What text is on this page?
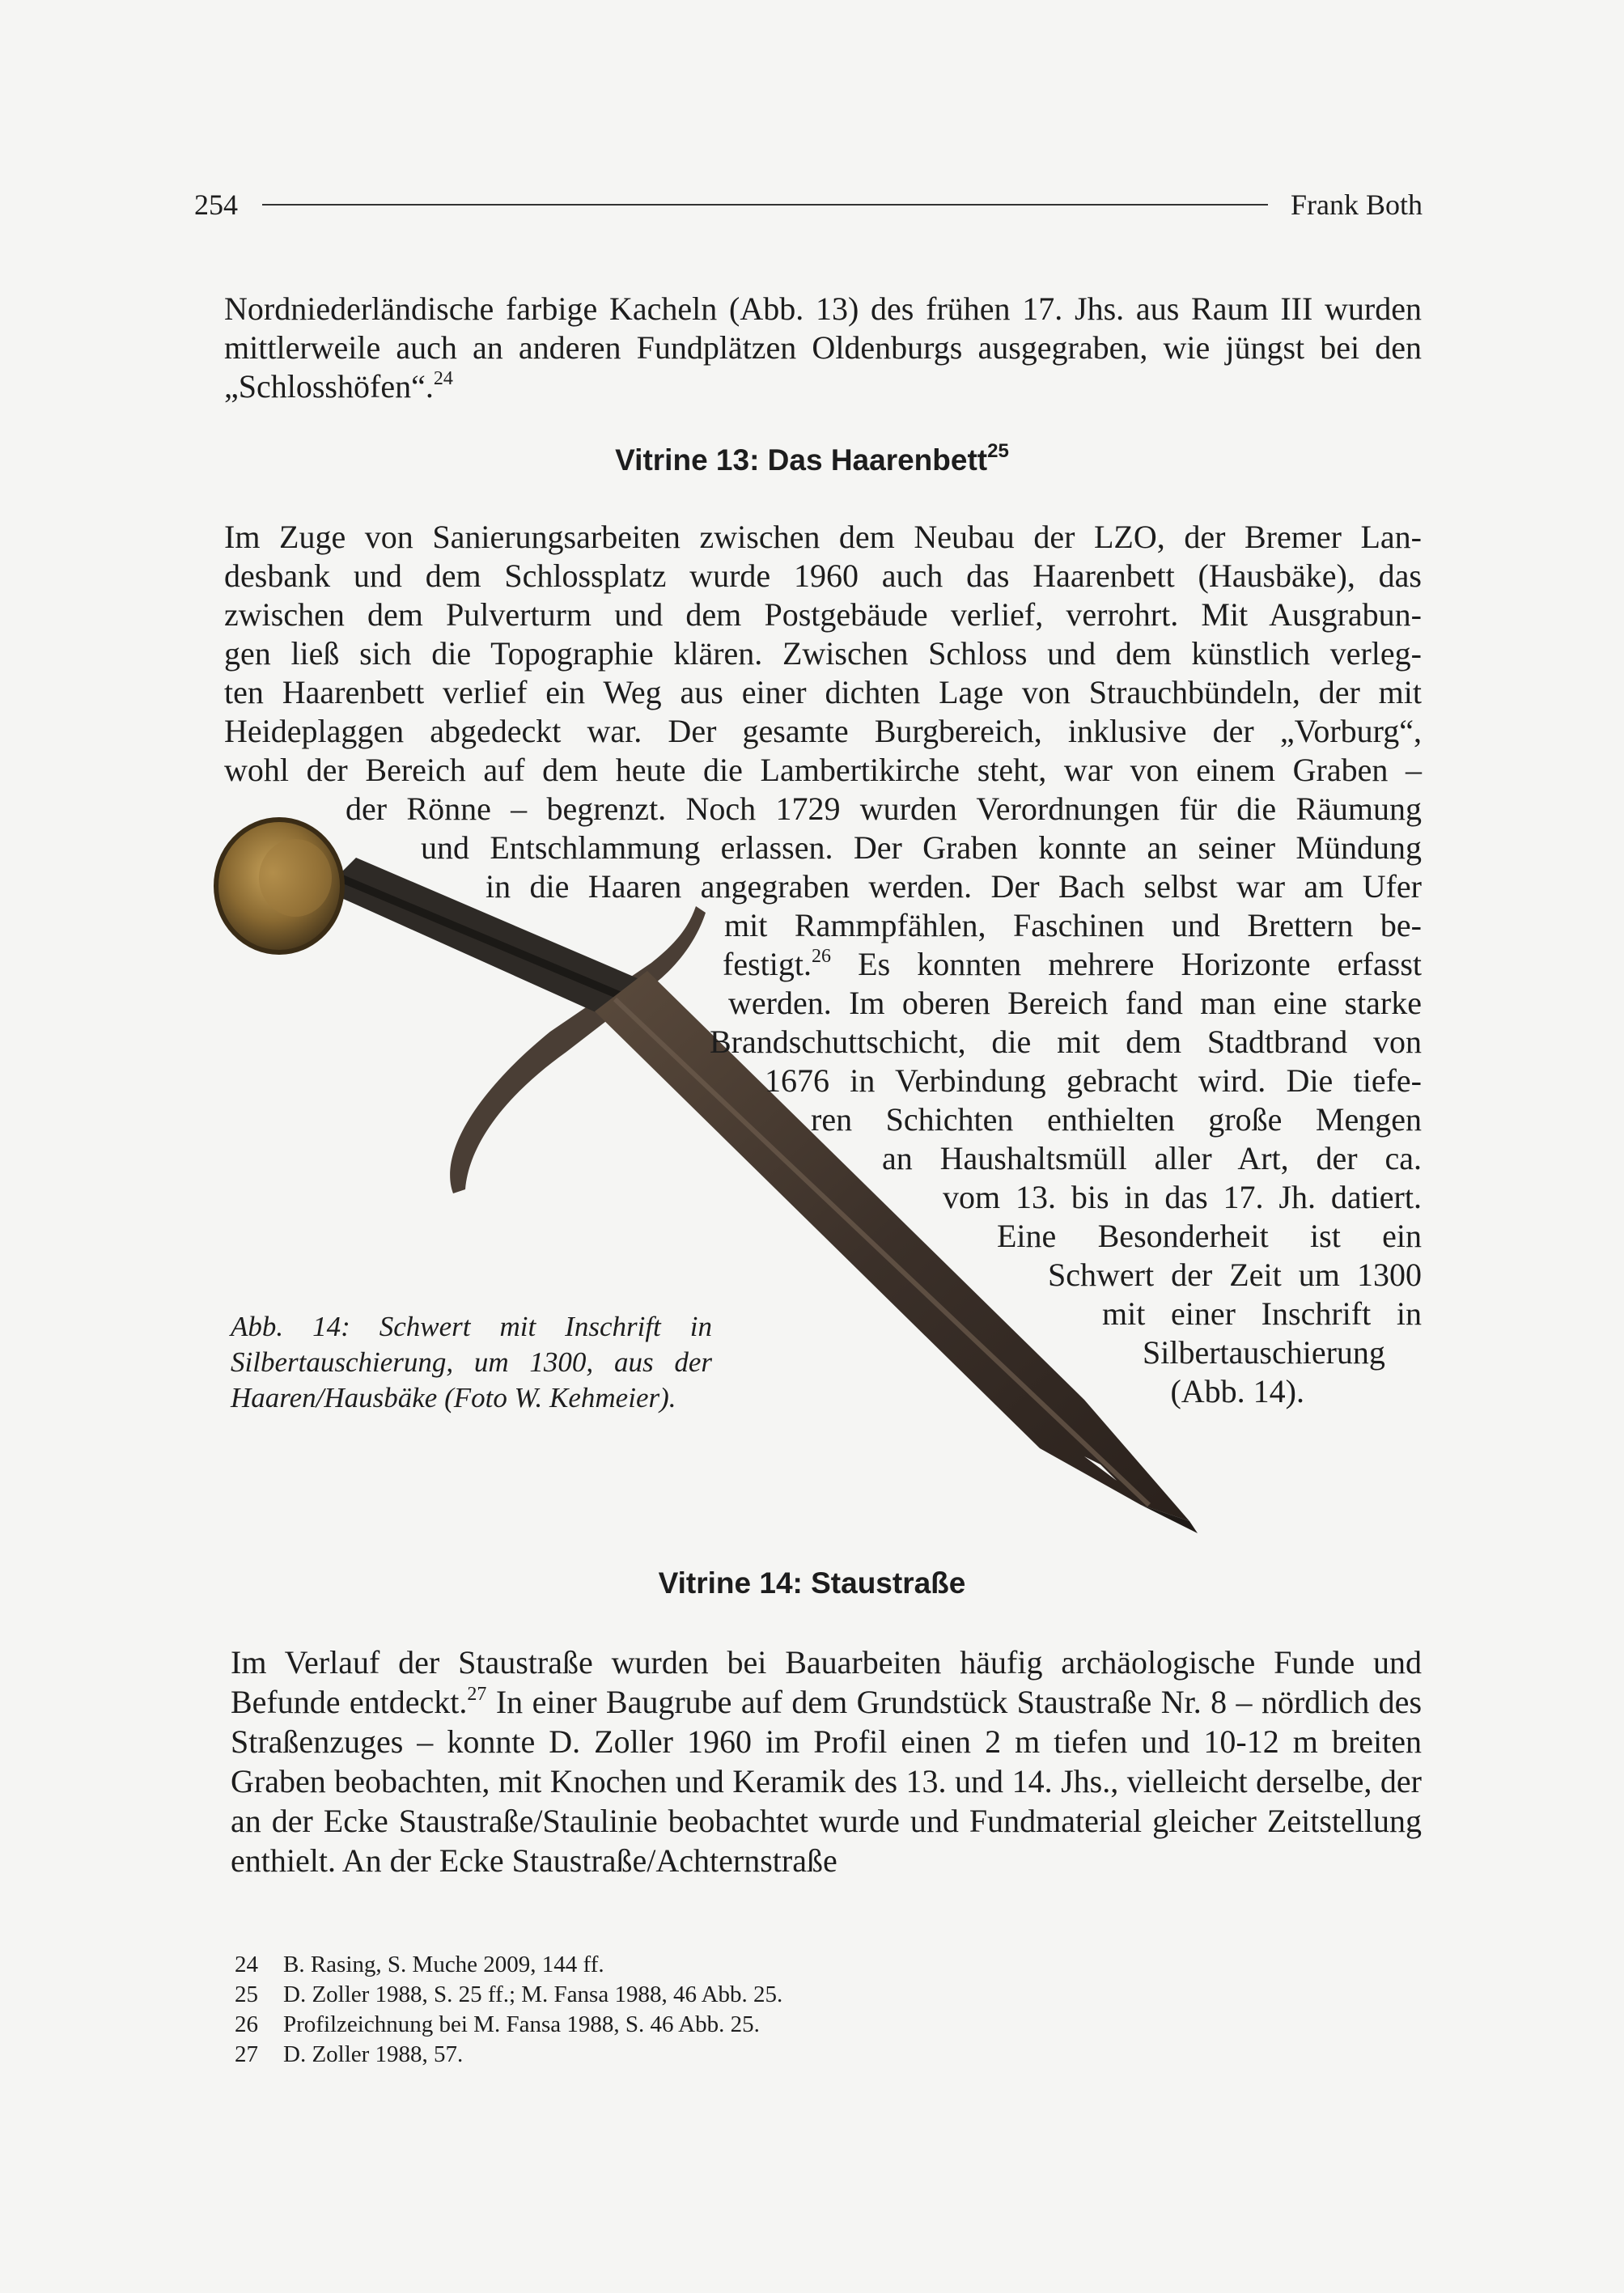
254	Frank Both

Nordniederländische farbige Kacheln (Abb. 13) des frühen 17. Jhs. aus Raum III wurden mittlerweile auch an anderen Fundplätzen Oldenburgs ausgegraben, wie jüngst bei den „Schlosshöfen“.$^{24}$

Vitrine 13: Das Haarenbett$^{25}$
Im Zuge von Sanierungsarbeiten zwischen dem Neubau der LZO, der Bremer Lan-
desbank und dem Schlossplatz wurde 1960 auch das Haarenbett (Hausbäke), das
zwischen dem Pulverturm und dem Postgebäude verlief, verrohrt. Mit Ausgrabun-
gen ließ sich die Topographie klären. Zwischen Schloss und dem künstlich verleg-
ten Haarenbett verlief ein Weg aus einer dichten Lage von Strauchbündeln, der mit
Heideplaggen abgedeckt war. Der gesamte Burgbereich, inklusive der „Vorburg“,
wohl der Bereich auf dem heute die Lambertikirche steht, war von einem Graben –
der Rönne – begrenzt. Noch 1729 wurden Verordnungen für die Räumung
und Entschlammung erlassen. Der Graben konnte an seiner Mündung
in die Haaren angegraben werden. Der Bach selbst war am Ufer
mit Rammpfählen, Faschinen und Brettern be-
festigt.$^{26}$ Es konnten mehrere Horizonte erfasst
werden. Im oberen Bereich fand man eine starke
Brandschuttschicht, die mit dem Stadtbrand von
1676 in Verbindung gebracht wird. Die tiefe-
ren Schichten enthielten große Mengen
an Haushaltsmüll aller Art, der ca.
vom 13. bis in das 17. Jh. datiert.
Eine Besonderheit ist ein
Schwert der Zeit um 1300
mit einer Inschrift in
Silbertauschierung
(Abb. 14).
Abb. 14: Schwert mit Inschrift in Silbertauschierung, um 1300, aus der Haaren/Hausbäke (Foto W. Kehmeier).
Vitrine 14: Staustraße

Im Verlauf der Staustraße wurden bei Bauarbeiten häufig archäologische Funde und Befunde entdeckt.$^{27}$ In einer Baugrube auf dem Grundstück Staustraße Nr. 8 – nördlich des Straßenzuges – konnte D. Zoller 1960 im Profil einen 2 m tiefen und 10-12 m breiten Graben beobachten, mit Knochen und Keramik des 13. und 14. Jhs., vielleicht derselbe, der an der Ecke Staustraße/Staulinie beobachtet wurde und Fundmaterial gleicher Zeitstellung enthielt. An der Ecke Staustraße/Achternstraße

24	B. Rasing, S. Muche 2009, 144 ff.
25	D. Zoller 1988, S. 25 ff.; M. Fansa 1988, 46 Abb. 25.
26	Profilzeichnung bei M. Fansa 1988, S. 46 Abb. 25.
27	D. Zoller 1988, 57.
